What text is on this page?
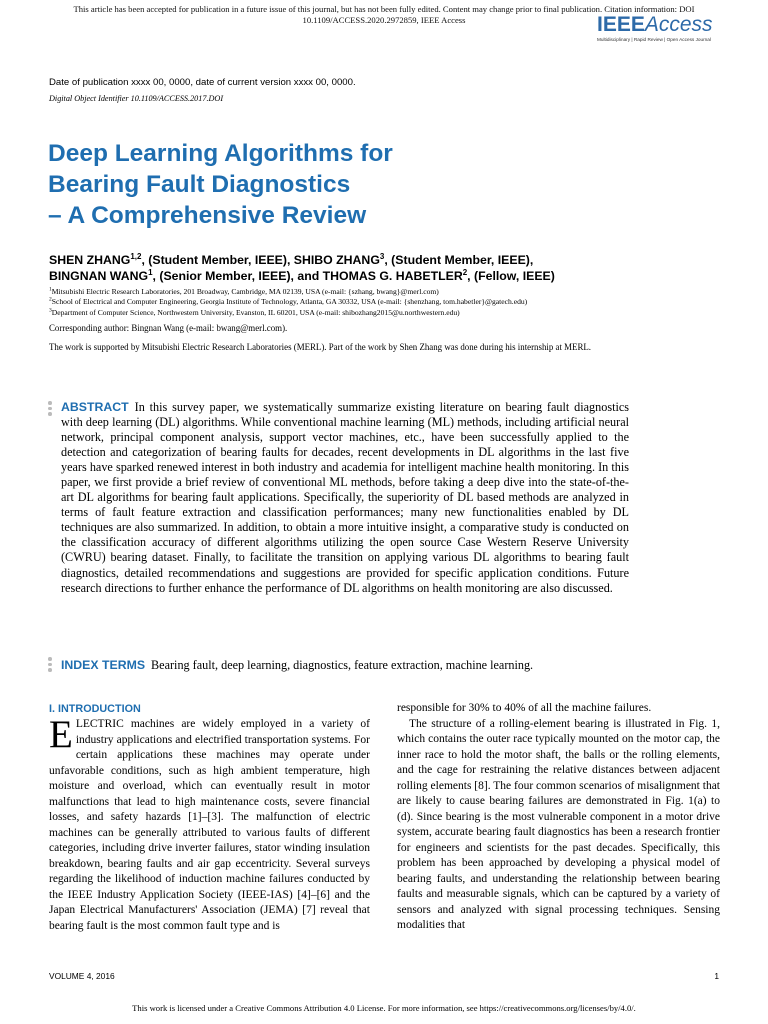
This article has been accepted for publication in a future issue of this journal, but has not been fully edited. Content may change prior to final publication. Citation information: DOI
10.1109/ACCESS.2020.2972859, IEEE Access	IEEEAccess
Multidisciplinary | Rapid Review | Open Access Journal
Date of publication xxxx 00, 0000, date of current version xxxx 00, 0000.
Digital Object Identifier 10.1109/ACCESS.2017.DOI
Deep Learning Algorithms for
Bearing Fault Diagnostics
– A Comprehensive Review
SHEN ZHANG$^{1,2}$, (Student Member, IEEE), SHIBO ZHANG$^3$, (Student Member, IEEE),
BINGNAN WANG$^1$, (Senior Member, IEEE), and THOMAS G. HABETLER$^2$, (Fellow, IEEE)
$^1$Mitsubishi Electric Research Laboratories, 201 Broadway, Cambridge, MA 02139, USA (e-mail: {szhang, bwang}@merl.com)
$^2$School of Electrical and Computer Engineering, Georgia Institute of Technology, Atlanta, GA 30332, USA (e-mail: {shenzhang, tom.habetler}@gatech.edu)
$^3$Department of Computer Science, Northwestern University, Evanston, IL 60201, USA (e-mail: shibozhang2015@u.northwestern.edu)
Corresponding author: Bingnan Wang (e-mail: bwang@merl.com).
The work is supported by Mitsubishi Electric Research Laboratories (MERL). Part of the work by Shen Zhang was done during his internship at MERL.
ABSTRACT In this survey paper, we systematically summarize existing literature on bearing fault diagnostics with deep learning (DL) algorithms. While conventional machine learning (ML) methods, including artificial neural network, principal component analysis, support vector machines, etc., have been successfully applied to the detection and categorization of bearing faults for decades, recent developments in DL algorithms in the last five years have sparked renewed interest in both industry and academia for intelligent machine health monitoring. In this paper, we first provide a brief review of conventional ML methods, before taking a deep dive into the state-of-the-art DL algorithms for bearing fault applications. Specifically, the superiority of DL based methods are analyzed in terms of fault feature extraction and classification performances; many new functionalities enabled by DL techniques are also summarized. In addition, to obtain a more intuitive insight, a comparative study is conducted on the classification accuracy of different algorithms utilizing the open source Case Western Reserve University (CWRU) bearing dataset. Finally, to facilitate the transition on applying various DL algorithms to bearing fault diagnostics, detailed recommendations and suggestions are provided for specific application conditions. Future research directions to further enhance the performance of DL algorithms on health monitoring are also discussed.
INDEX TERMS Bearing fault, deep learning, diagnostics, feature extraction, machine learning.
I. INTRODUCTION

ELECTRIC machines are widely employed in a variety of industry applications and electrified transportation systems. For certain applications these machines may operate under unfavorable conditions, such as high ambient temperature, high moisture and overload, which can eventually result in motor malfunctions that lead to high maintenance costs, severe financial losses, and safety hazards [1]–[3]. The malfunction of electric machines can be generally attributed to various faults of different categories, including drive inverter failures, stator winding insulation breakdown, bearing faults and air gap eccentricity. Several surveys regarding the likelihood of induction machine failures conducted by the IEEE Industry Application Society (IEEE-IAS) [4]–[6] and the Japan Electrical Manufacturers' Association (JEMA) [7] reveal that bearing fault is the most common fault type and is

responsible for 30% to 40% of all the machine failures.

The structure of a rolling-element bearing is illustrated in Fig. 1, which contains the outer race typically mounted on the motor cap, the inner race to hold the motor shaft, the balls or the rolling elements, and the cage for restraining the relative distances between adjacent rolling elements [8]. The four common scenarios of misalignment that are likely to cause bearing failures are demonstrated in Fig. 1(a) to (d). Since bearing is the most vulnerable component in a motor drive system, accurate bearing fault diagnostics has been a research frontier for engineers and scientists for the past decades. Specifically, this problem has been approached by developing a physical model of bearing faults, and understanding the relationship between bearing faults and measurable signals, which can be captured by a variety of sensors and analyzed with signal processing techniques. Sensing modalities that

VOLUME 4, 2016	1
This work is licensed under a Creative Commons Attribution 4.0 License. For more information, see https://creativecommons.org/licenses/by/4.0/.
